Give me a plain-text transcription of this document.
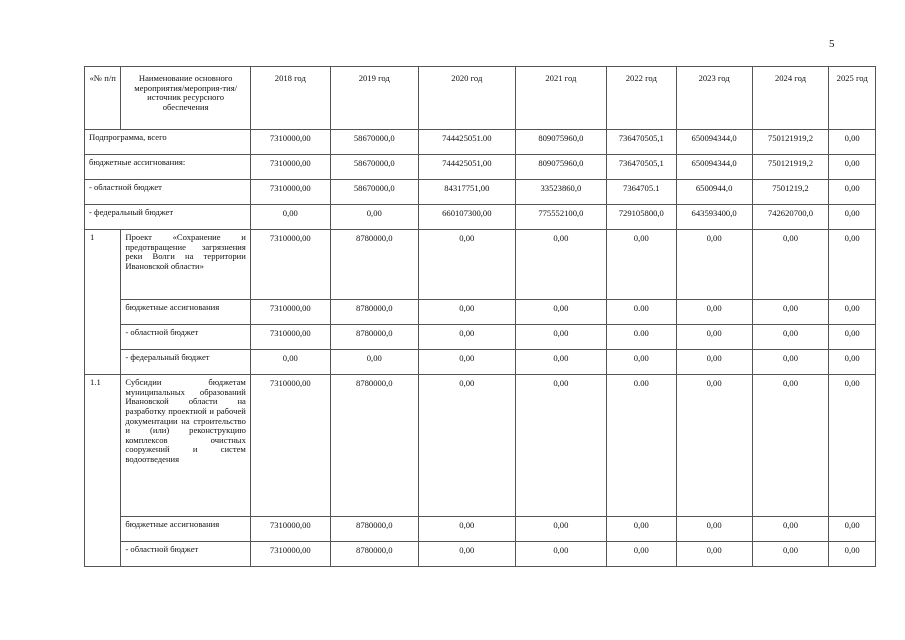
5
«№ п/п	Наименование основного мероприятия/мероприя-тия/источник ресурсного обеспечения	2018 год	2019 год	2020 год	2021 год	2022 год	2023 год	2024 год	2025 год
Подпрограмма, всего		7310000,00	58670000,0	744425051.00	809075960,0	736470505,1	650094344,0	750121919,2	0,00
бюджетные ассигнования:		7310000,00	58670000,0	744425051,00	809075960,0	736470505,1	650094344,0	750121919,2	0,00
- областной бюджет		7310000,00	58670000,0	84317751,00	33523860,0	7364705.1	6500944,0	7501219,2	0,00
- федеральный бюджет		0,00	0,00	660107300,00	775552100,0	729105800,0	643593400,0	742620700,0	0,00
1	Проект «Сохранение и предотвращение загрязнения реки Волги на территории Ивановской области»	7310000,00	8780000,0	0,00	0,00	0,00	0,00	0,00	0,00
	бюджетные ассигнования	7310000,00	8780000,0	0,00	0,00	0.00	0,00	0,00	0,00
	- областной бюджет	7310000,00	8780000,0	0,00	0,00	0.00	0,00	0,00	0,00
	- федеральный бюджет	0,00	0,00	0,00	0,00	0,00	0,00	0,00	0,00
1.1	Субсидии бюджетам муниципальных образований Ивановской области на разработку проектной и рабочей документации на строительство и (или) реконструкцию комплексов очистных сооружений и систем водоотведения	7310000,00	8780000,0	0,00	0,00	0.00	0,00	0,00	0,00
	бюджетные ассигнования	7310000,00	8780000,0	0,00	0,00	0,00	0,00	0,00	0,00
	- областной бюджет	7310000,00	8780000,0	0,00	0,00	0,00	0,00	0,00	0,00
